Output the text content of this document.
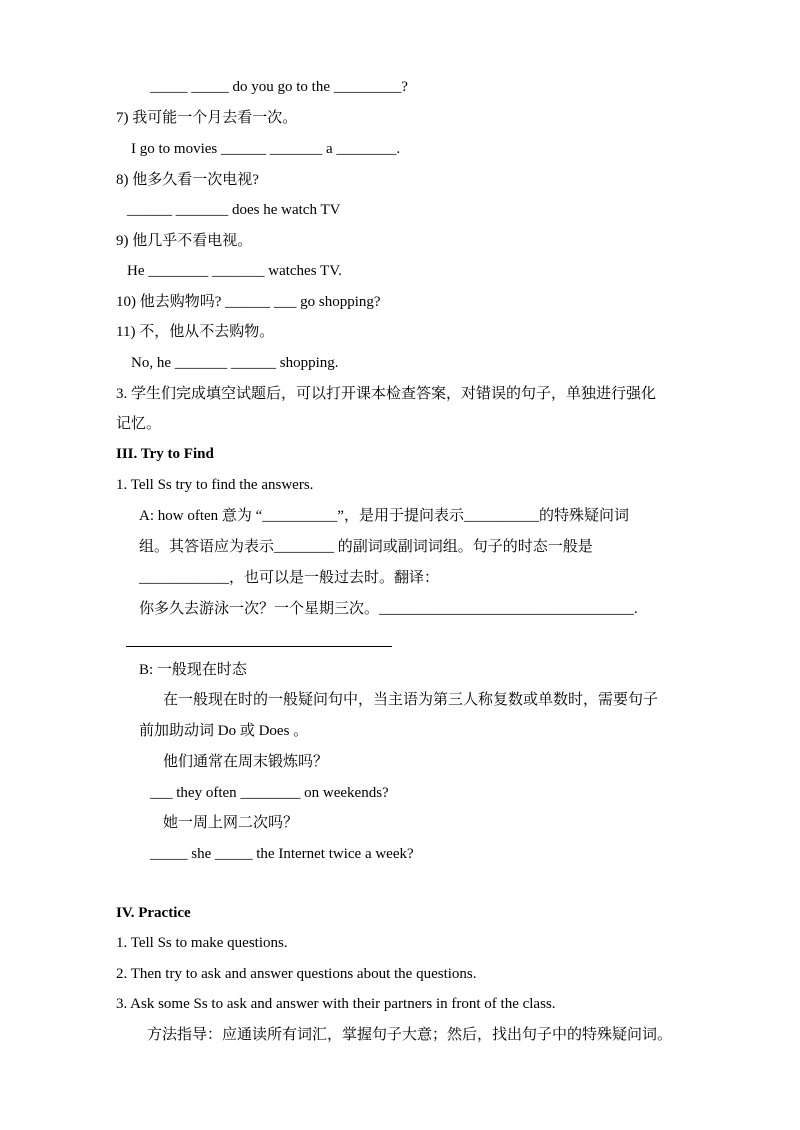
_____ _____ do you go to the _________?
7) 我可能一个月去看一次。
I go to movies ______ _______ a ________.
8) 他多久看一次电视?
______ _______ does he watch TV
9) 他几乎不看电视。
He ________ _______ watches TV.
10) 他去购物吗? ______ ___ go shopping?
11) 不，他从不去购物。
No, he _______ ______ shopping.
3. 学生们完成填空试题后，可以打开课本检查答案，对错误的句子，单独进行强化
记忆。
III. Try to Find
1. Tell Ss try to find the answers.
A: how often 意为 “__________”，是用于提问表示__________的特殊疑问词
组。其答语应为表示________ 的副词或副词词组。句子的时态一般是
____________，也可以是一般过去时。翻译：
你多久去游泳一次？一个星期三次。__________________________________.
B: 一般现在时态
在一般现在时的一般疑问句中，当主语为第三人称复数或单数时，需要句子
前加助动词 Do 或 Does 。
他们通常在周末锻炼吗？
___ they often ________ on weekends?
她一周上网二次吗？
_____ she _____ the Internet twice a week?
IV. Practice
1. Tell Ss to make questions.
2. Then try to ask and answer questions about the questions.
3. Ask some Ss to ask and answer with their partners in front of the class.
方法指导：应通读所有词汇，掌握句子大意；然后，找出句子中的特殊疑问词。
